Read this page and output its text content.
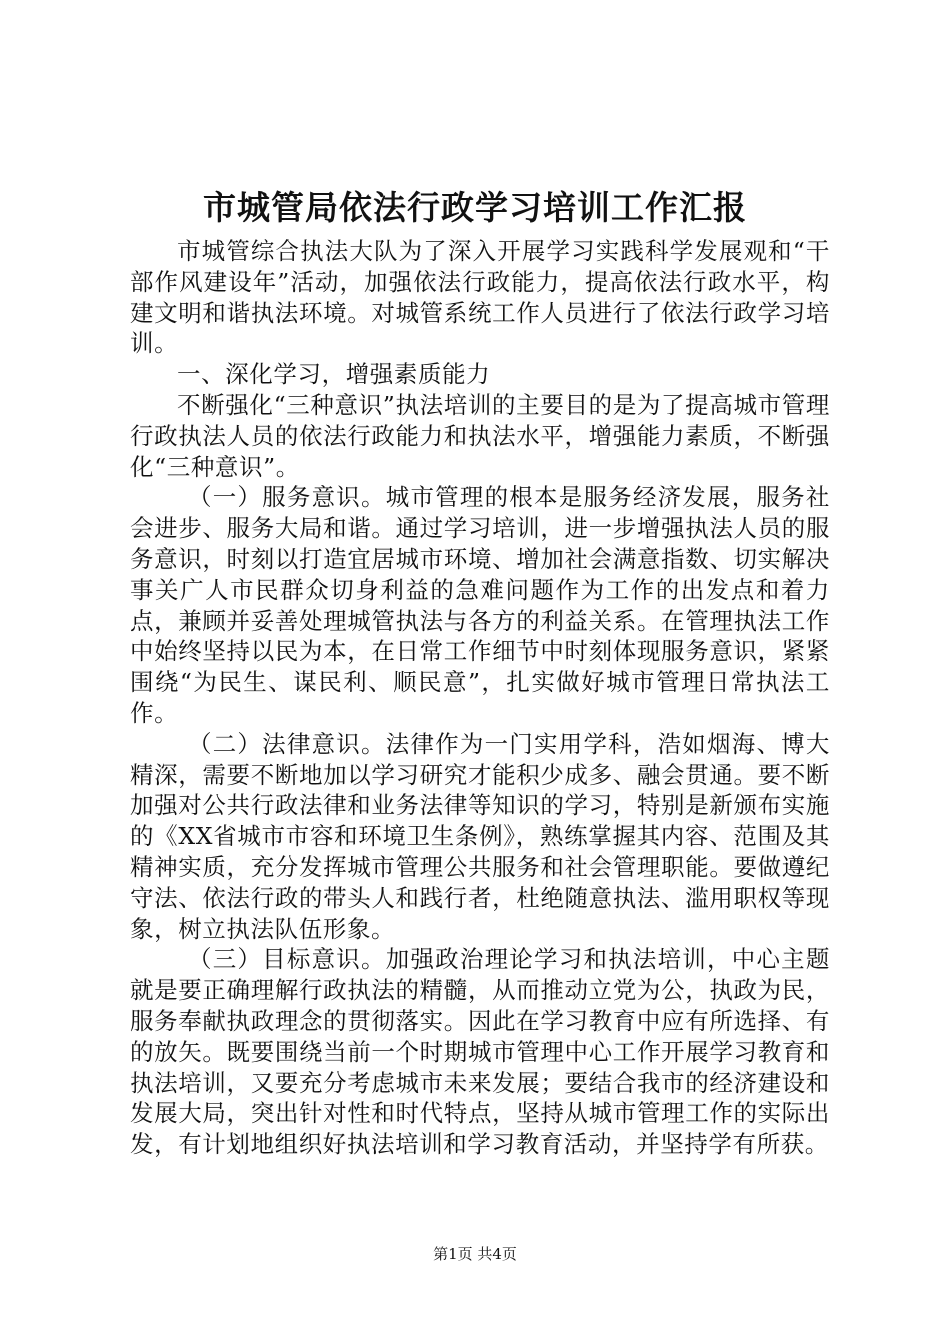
市城管局依法行政学习培训工作汇报

市城管综合执法大队为了深入开展学习实践科学发展观和“干部作风建设年”活动，加强依法行政能力，提高依法行政水平，构建文明和谐执法环境。对城管系统工作人员进行了依法行政学习培训。

一、深化学习，增强素质能力

不断强化“三种意识”执法培训的主要目的是为了提高城市管理行政执法人员的依法行政能力和执法水平，增强能力素质，不断强化“三种意识”。

（一）服务意识。城市管理的根本是服务经济发展，服务社会进步、服务大局和谐。通过学习培训，进一步增强执法人员的服务意识，时刻以打造宜居城市环境、增加社会满意指数、切实解决事关广人市民群众切身利益的急难问题作为工作的出发点和着力点，兼顾并妥善处理城管执法与各方的利益关系。在管理执法工作中始终坚持以民为本，在日常工作细节中时刻体现服务意识，紧紧围绕“为民生、谋民利、顺民意”，扎实做好城市管理日常执法工作。

（二）法律意识。法律作为一门实用学科，浩如烟海、博大精深，需要不断地加以学习研究才能积少成多、融会贯通。要不断加强对公共行政法律和业务法律等知识的学习，特别是新颁布实施的《XX省城市市容和环境卫生条例》，熟练掌握其内容、范围及其精神实质，充分发挥城市管理公共服务和社会管理职能。要做遵纪守法、依法行政的带头人和践行者，杜绝随意执法、滥用职权等现象，树立执法队伍形象。

（三）目标意识。加强政治理论学习和执法培训，中心主题就是要正确理解行政执法的精髓，从而推动立党为公，执政为民，服务奉献执政理念的贯彻落实。因此在学习教育中应有所选择、有的放矢。既要围绕当前一个时期城市管理中心工作开展学习教育和执法培训，又要充分考虑城市未来发展；要结合我市的经济建设和发展大局，突出针对性和时代特点，坚持从城市管理工作的实际出发，有计划地组织好执法培训和学习教育活动，并坚持学有所获。

第1页 共4页
